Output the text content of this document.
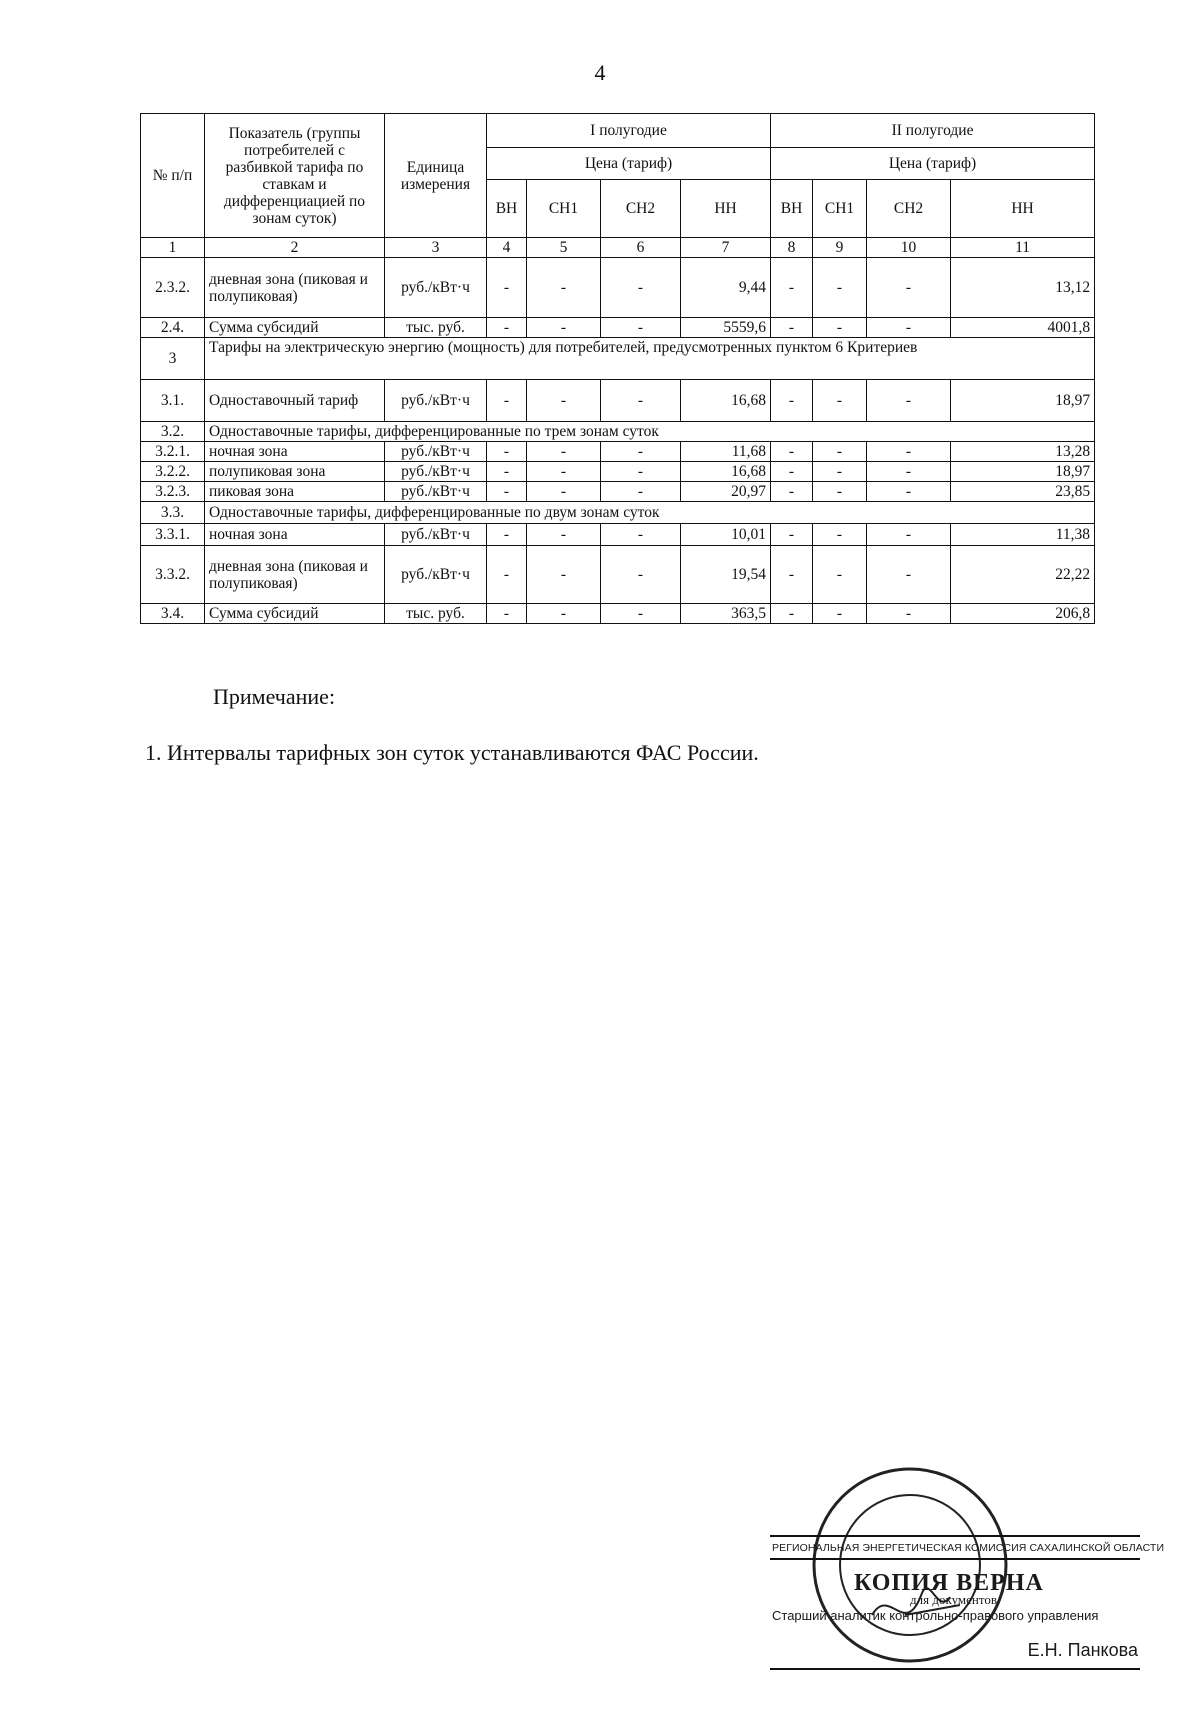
4
№ п/п	Показатель (группы потребителей с разбивкой тарифа по ставкам и дифференциацией по зонам суток)	Единица измерения	I полугодие				II полугодие			
			Цена (тариф)				Цена (тариф)			
			ВН	СН1	СН2	НН	ВН	СН1	СН2	НН
1	2	3	4	5	6	7	8	9	10	11
2.3.2.	дневная зона (пиковая и полупиковая)	руб./кВт·ч	-	-	-	9,44	-	-	-	13,12
2.4.	Сумма субсидий	тыс. руб.	-	-	-	5559,6	-	-	-	4001,8
3	Тарифы на электрическую энергию (мощность) для потребителей, предусмотренных пунктом 6 Критериев									
3.1.	Одноставочный тариф	руб./кВт·ч	-	-	-	16,68	-	-	-	18,97
3.2.	Одноставочные тарифы, дифференцированные по трем зонам суток									
3.2.1.	ночная зона	руб./кВт·ч	-	-	-	11,68	-	-	-	13,28
3.2.2.	полупиковая зона	руб./кВт·ч	-	-	-	16,68	-	-	-	18,97
3.2.3.	пиковая зона	руб./кВт·ч	-	-	-	20,97	-	-	-	23,85
3.3.	Одноставочные тарифы, дифференцированные по двум зонам суток									
3.3.1.	ночная зона	руб./кВт·ч	-	-	-	10,01	-	-	-	11,38
3.3.2.	дневная зона (пиковая и полупиковая)	руб./кВт·ч	-	-	-	19,54	-	-	-	22,22
3.4.	Сумма субсидий	тыс. руб.	-	-	-	363,5	-	-	-	206,8
Примечание:
1. Интервалы тарифных зон суток устанавливаются ФАС России.
РЕГИОНАЛЬНАЯ ЭНЕРГЕТИЧЕСКАЯ КОМИССИЯ САХАЛИНСКОЙ ОБЛАСТИ
КОПИЯ ВЕРНА
для документов
Старший аналитик контрольно-правового управления
Е.Н. Панкова
